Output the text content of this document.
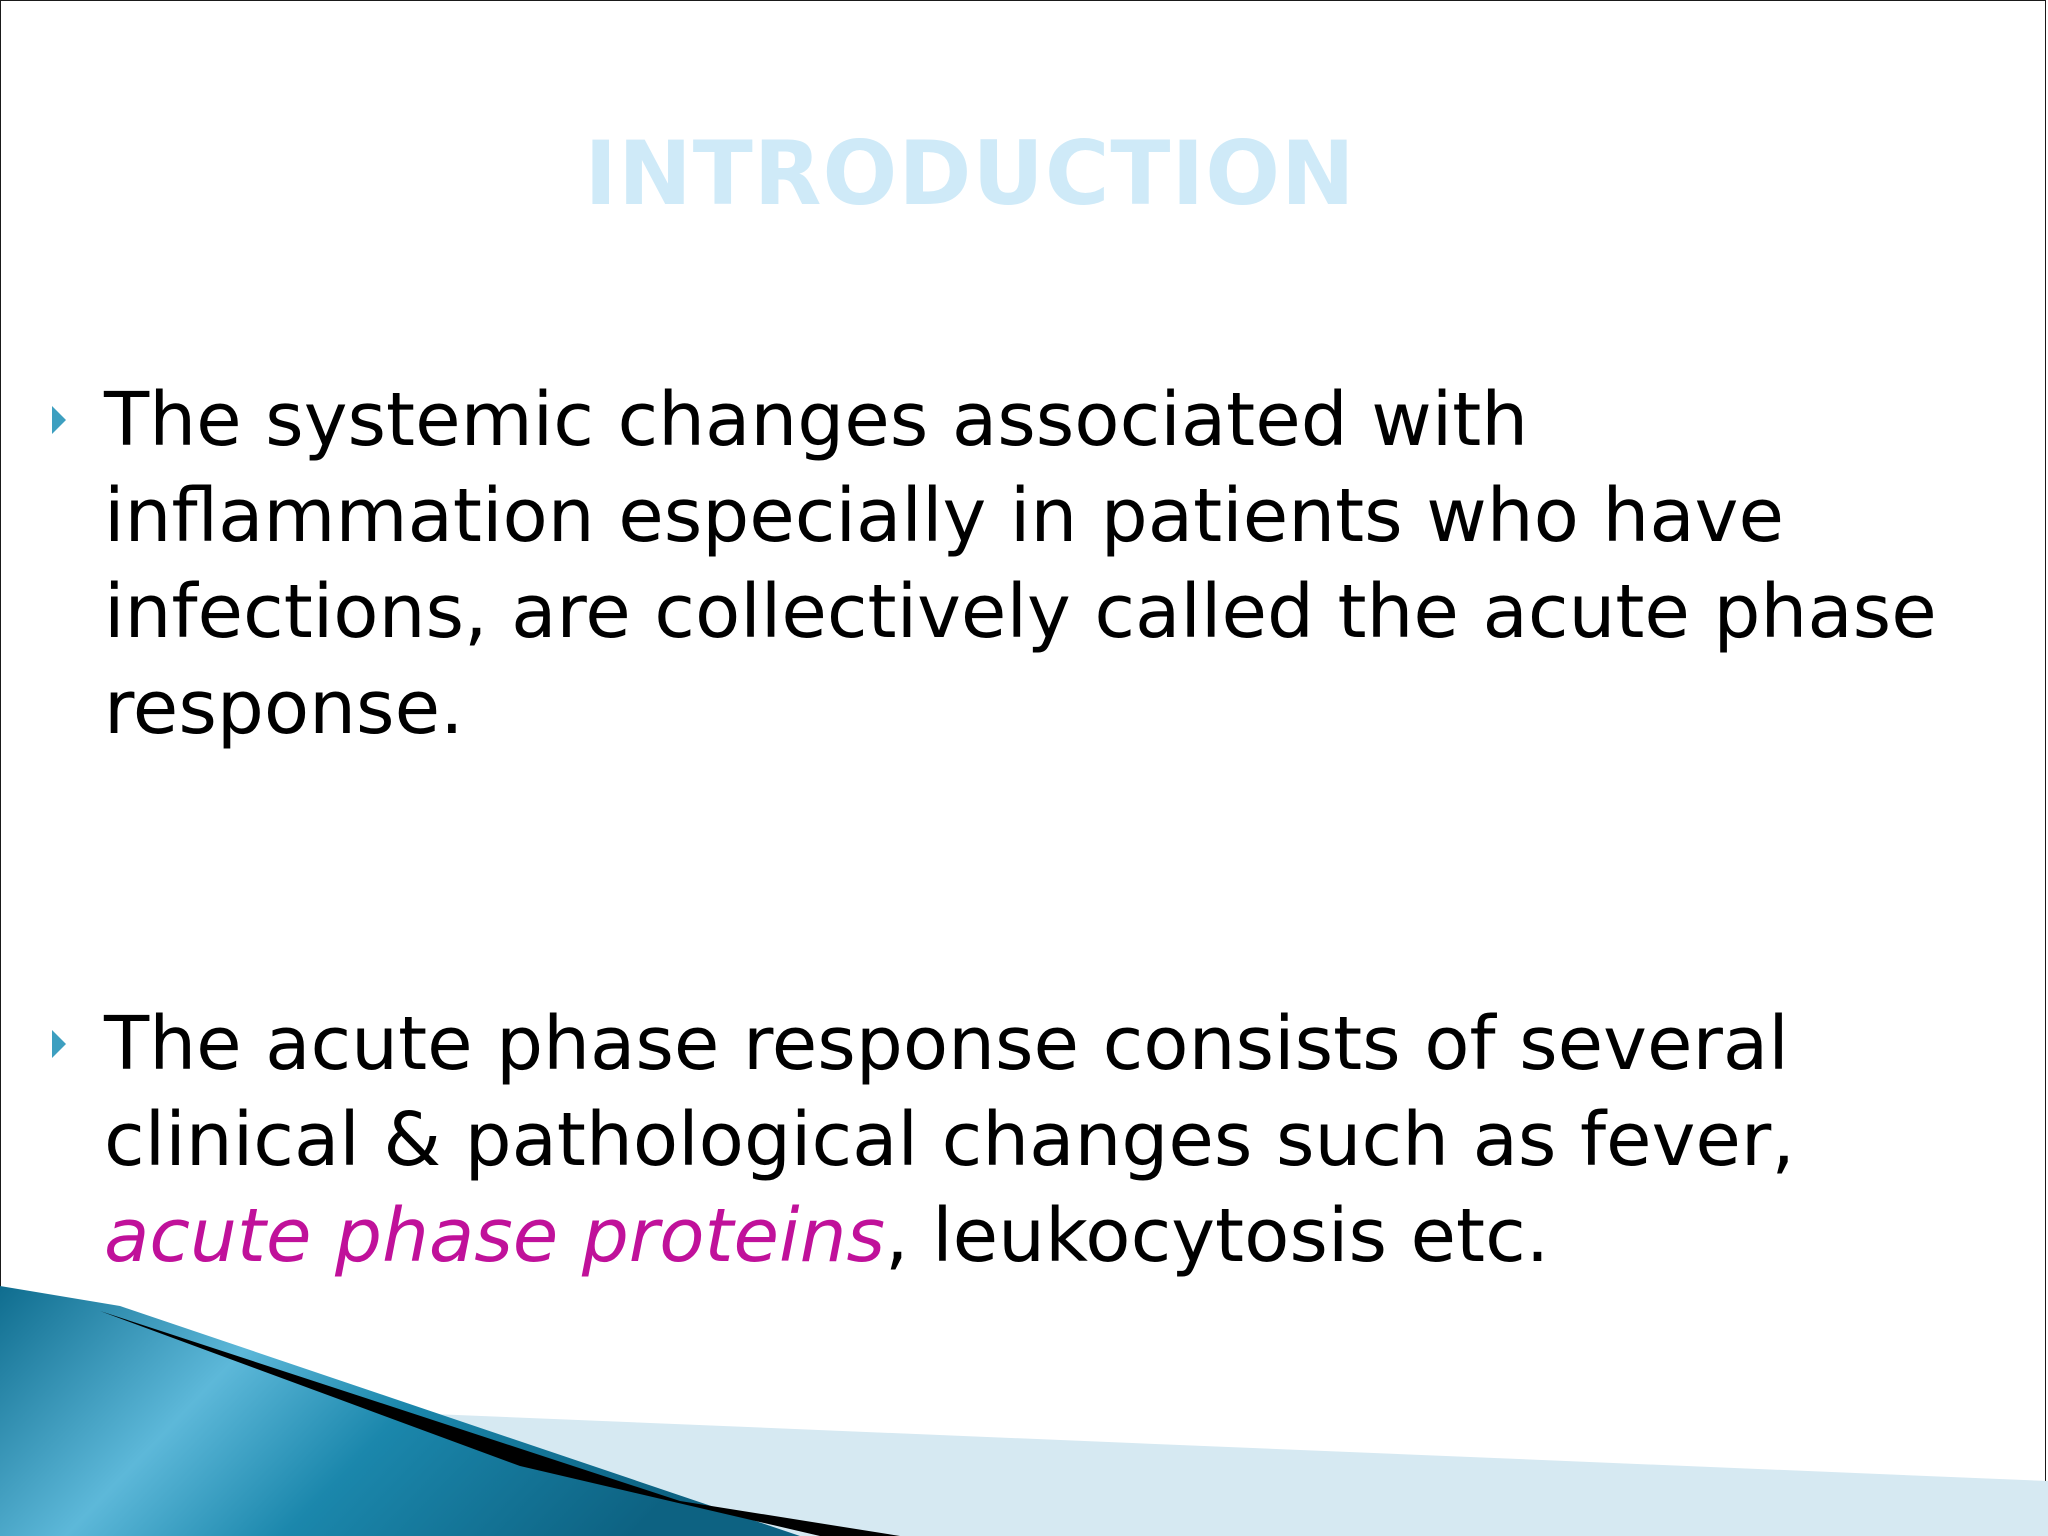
INTRODUCTION
The systemic changes associated with inflammation especially in patients who have infections, are collectively called the acute phase response.
The acute phase response consists of several clinical & pathological changes such as fever, acute phase proteins, leukocytosis etc.
